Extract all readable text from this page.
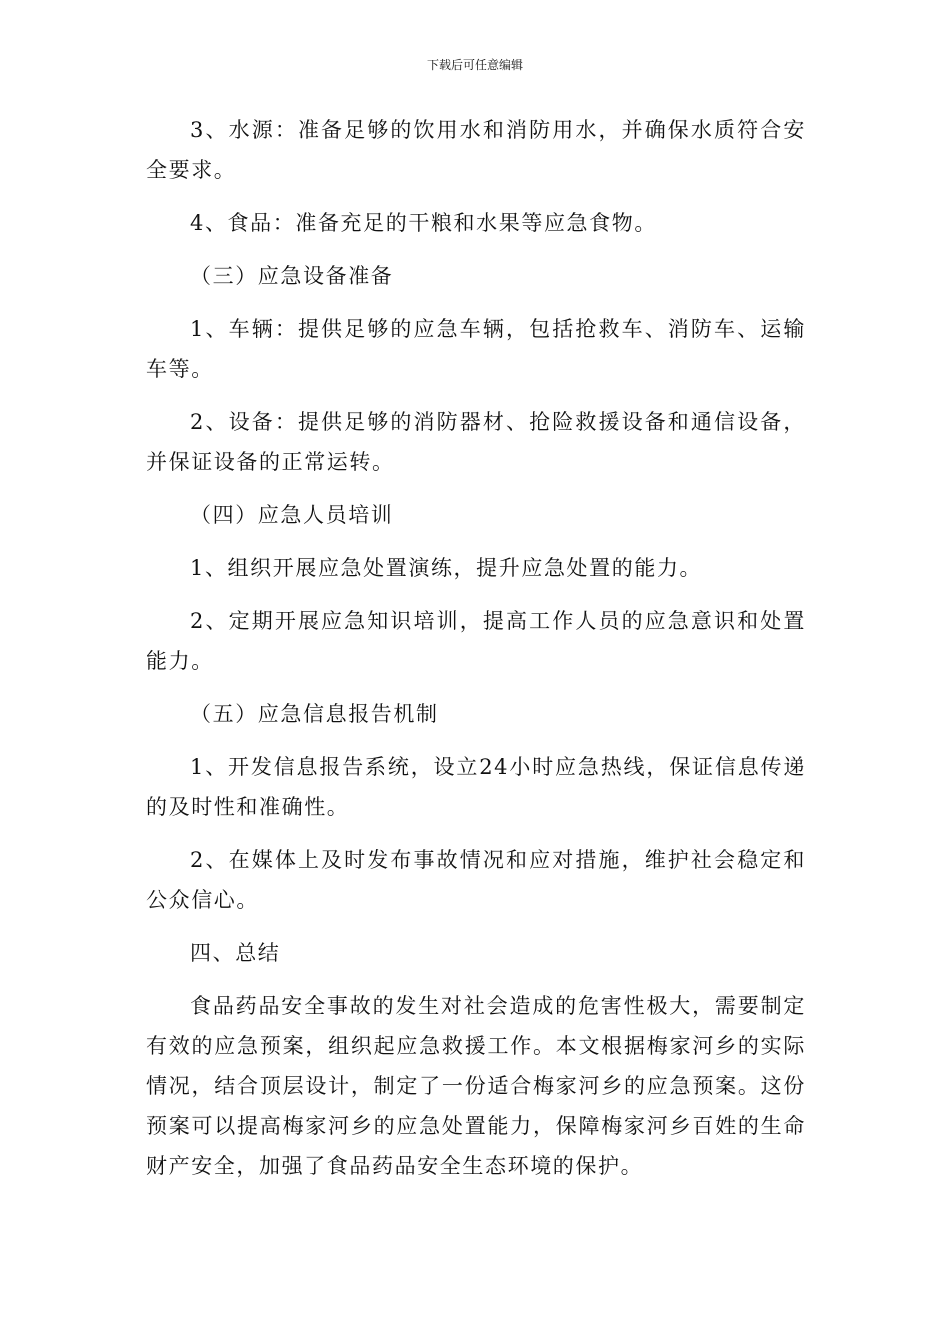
下载后可任意编辑

3、水源：准备足够的饮用水和消防用水，并确保水质符合安全要求。

4、食品：准备充足的干粮和水果等应急食物。

（三）应急设备准备

1、车辆：提供足够的应急车辆，包括抢救车、消防车、运输车等。

2、设备：提供足够的消防器材、抢险救援设备和通信设备，并保证设备的正常运转。

（四）应急人员培训

1、组织开展应急处置演练，提升应急处置的能力。

2、定期开展应急知识培训，提高工作人员的应急意识和处置能力。

（五）应急信息报告机制

1、开发信息报告系统，设立24小时应急热线，保证信息传递的及时性和准确性。

2、在媒体上及时发布事故情况和应对措施，维护社会稳定和公众信心。

四、总结

食品药品安全事故的发生对社会造成的危害性极大，需要制定有效的应急预案，组织起应急救援工作。本文根据梅家河乡的实际情况，结合顶层设计，制定了一份适合梅家河乡的应急预案。这份预案可以提高梅家河乡的应急处置能力，保障梅家河乡百姓的生命财产安全，加强了食品药品安全生态环境的保护。
